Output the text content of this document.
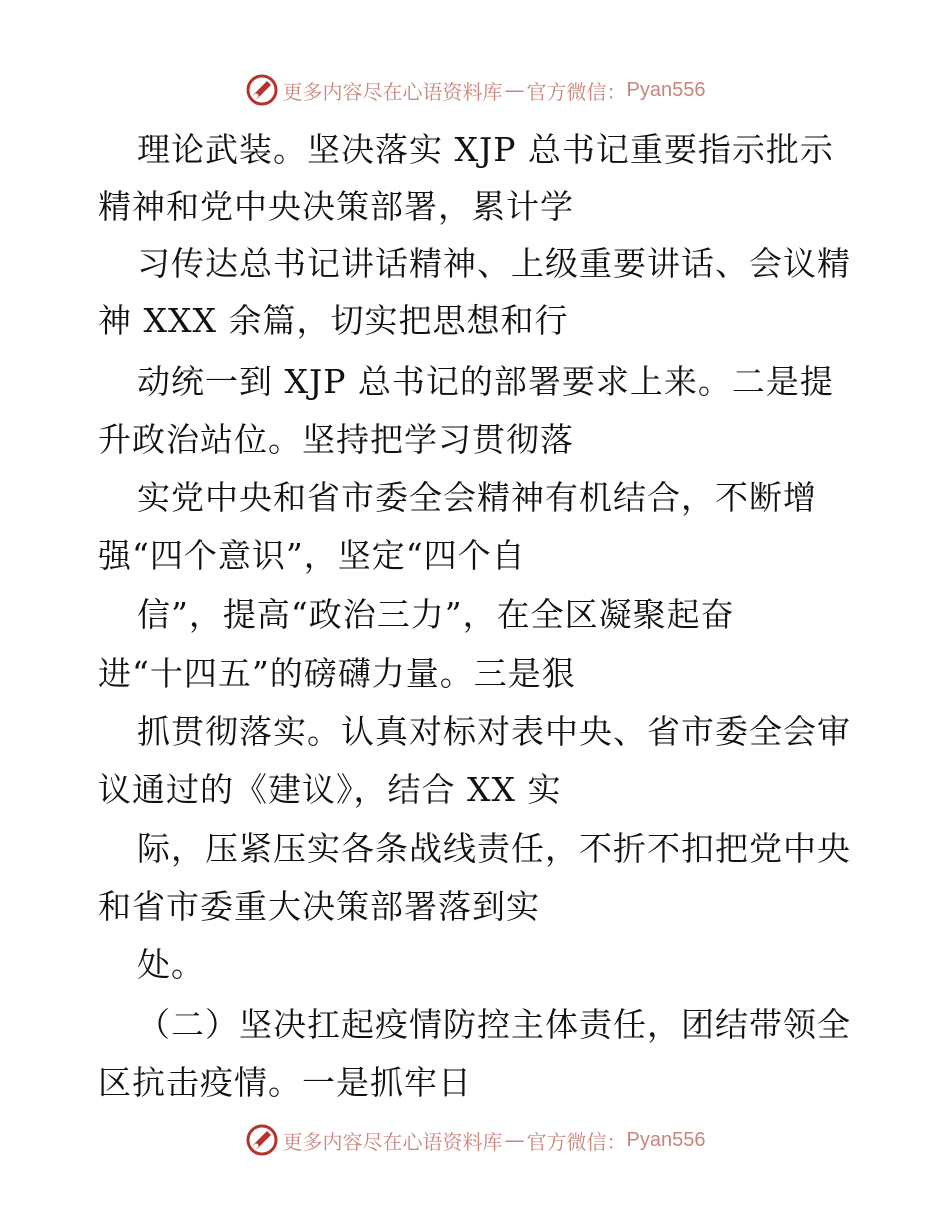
更多内容尽在心语资料库 — 官方微信： Pyan556
理论武装。坚决落实 XJP 总书记重要指示批示
精神和党中央决策部署，累计学
习传达总书记讲话精神、上级重要讲话、会议精
神 XXX 余篇，切实把思想和行
动统一到 XJP 总书记的部署要求上来。二是提
升政治站位。坚持把学习贯彻落
实党中央和省市委全会精神有机结合，不断增
强“四个意识”，坚定“四个自
信”，提高“政治三力”，在全区凝聚起奋
进“十四五”的磅礴力量。三是狠
抓贯彻落实。认真对标对表中央、省市委全会审
议通过的《建议》，结合 XX 实
际，压紧压实各条战线责任，不折不扣把党中央
和省市委重大决策部署落到实
处。
（二）坚决扛起疫情防控主体责任，团结带领全
区抗击疫情。一是抓牢日
更多内容尽在心语资料库 — 官方微信： Pyan556
